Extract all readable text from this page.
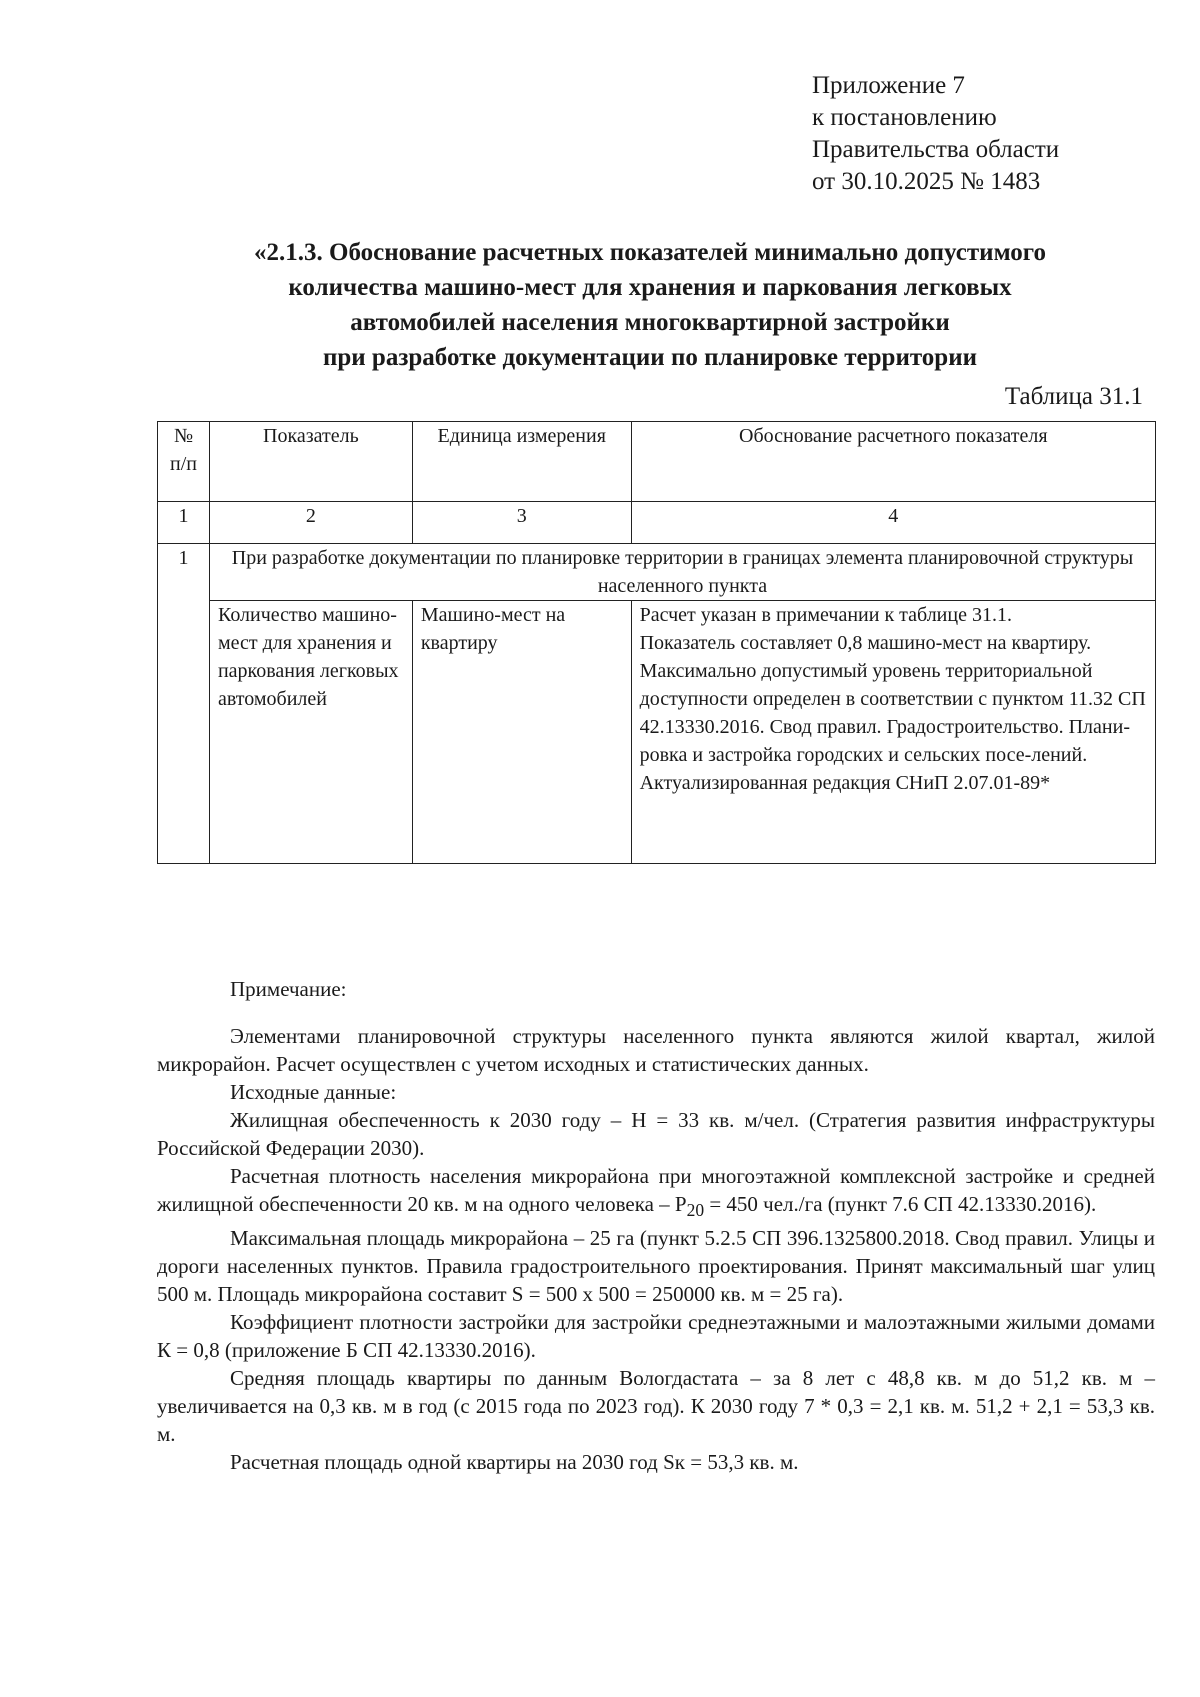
Приложение 7
к постановлению
Правительства области
от 30.10.2025 № 1483
«2.1.3. Обоснование расчетных показателей минимально допустимого
количества машино-мест для хранения и паркования легковых
автомобилей населения многоквартирной застройки
при разработке документации по планировке территории
Таблица 31.1
№ п/п	Показатель	Единица измерения	Обоснование расчетного показателя
1	2	3	4
1	При разработке документации по планировке территории в границах элемента планировочной структуры населенного пункта		
	Количество машино-мест для хранения и паркования легковых автомобилей	Машино-мест на квартиру	Расчет указан в примечании к таблице 31.1.
Показатель составляет 0,8 машино-мест на квартиру.
Максимально допустимый уровень территориальной доступности определен в соответствии с пунктом 11.32 СП 42.13330.2016. Свод правил. Градостроительство. Плани-ровка и застройка городских и сельских посе-лений. Актуализированная редакция СНиП 2.07.01-89*
Примечание:

Элементами планировочной структуры населенного пункта являются жилой квартал, жилой микрорайон. Расчет осуществлен с учетом исходных и статистических данных.

Исходные данные:

Жилищная обеспеченность к 2030 году – Н = 33 кв. м/чел. (Стратегия развития инфраструктуры Российской Федерации 2030).

Расчетная плотность населения микрорайона при многоэтажной комплексной застройке и средней жилищной обеспеченности 20 кв. м на одного человека – $Р_{20} = 450$ чел./га (пункт 7.6 СП 42.13330.2016).

Максимальная площадь микрорайона – 25 га (пункт 5.2.5 СП 396.1325800.2018. Свод правил. Улицы и дороги населенных пунктов. Правила градостроительного проектирования. Принят максимальный шаг улиц 500 м. Площадь микрорайона составит S = 500 х 500 = 250000 кв. м = 25 га).

Коэффициент плотности застройки для застройки среднеэтажными и малоэтажными жилыми домами К = 0,8 (приложение Б СП 42.13330.2016).

Средняя площадь квартиры по данным Вологдастата – за 8 лет с 48,8 кв. м до 51,2 кв. м – увеличивается на 0,3 кв. м в год (с 2015 года по 2023 год). К 2030 году 7 * 0,3 = 2,1 кв. м. 51,2 + 2,1 = 53,3 кв. м.

Расчетная площадь одной квартиры на 2030 год Sк = 53,3 кв. м.
